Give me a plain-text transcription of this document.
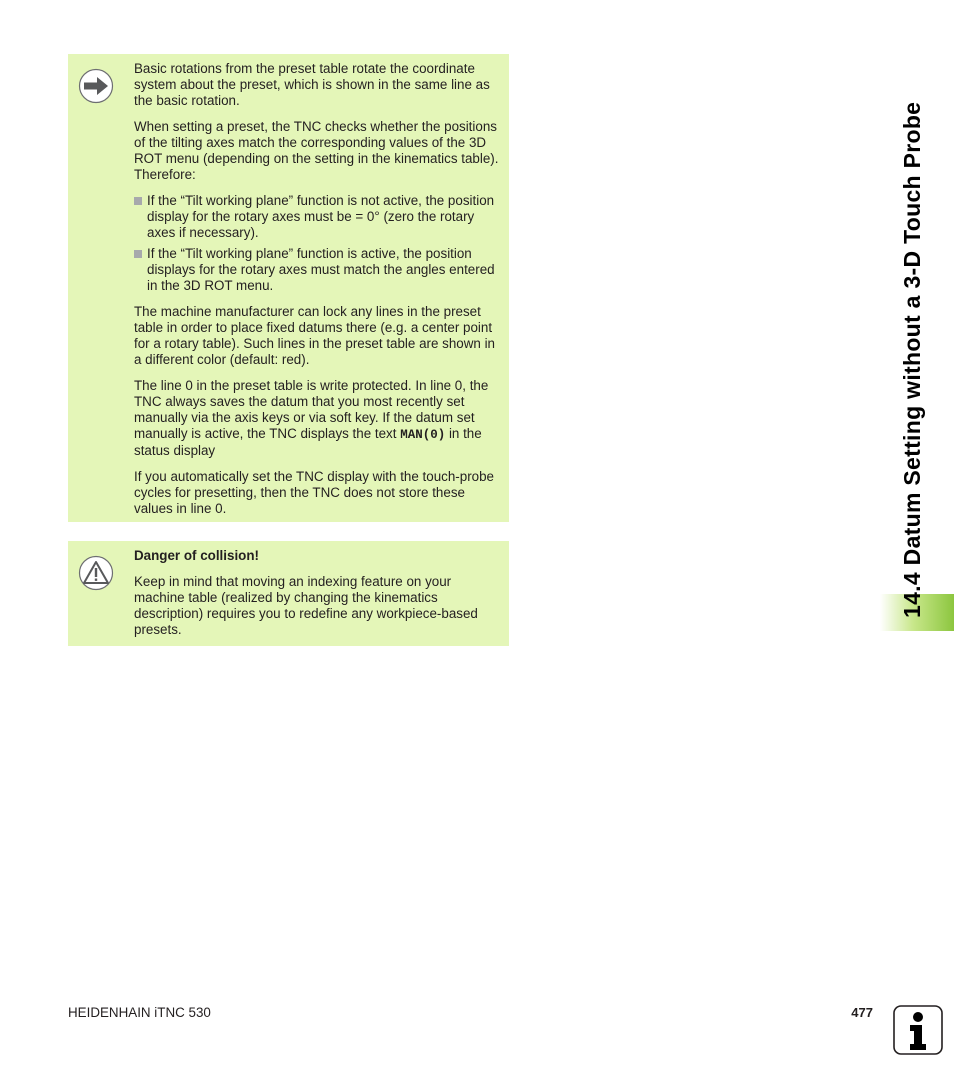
Basic rotations from the preset table rotate the coordinate system about the preset, which is shown in the same line as the basic rotation.

When setting a preset, the TNC checks whether the positions of the tilting axes match the corresponding values of the 3D ROT menu (depending on the setting in the kinematics table). Therefore:

If the “Tilt working plane” function is not active, the position display for the rotary axes must be = 0° (zero the rotary axes if necessary).
If the “Tilt working plane” function is active, the position displays for the rotary axes must match the angles entered in the 3D ROT menu.

The machine manufacturer can lock any lines in the preset table in order to place fixed datums there (e.g. a center point for a rotary table). Such lines in the preset table are shown in a different color (default: red).

The line 0 in the preset table is write protected. In line 0, the TNC always saves the datum that you most recently set manually via the axis keys or via soft key. If the datum set manually is active, the TNC displays the text MAN(0) in the status display

If you automatically set the TNC display with the touch-probe cycles for presetting, then the TNC does not store these values in line 0.

Danger of collision!

Keep in mind that moving an indexing feature on your machine table (realized by changing the kinematics description) requires you to redefine any workpiece-based presets.

14.4 Datum Setting without a 3-D Touch Probe
HEIDENHAIN iTNC 530	477
